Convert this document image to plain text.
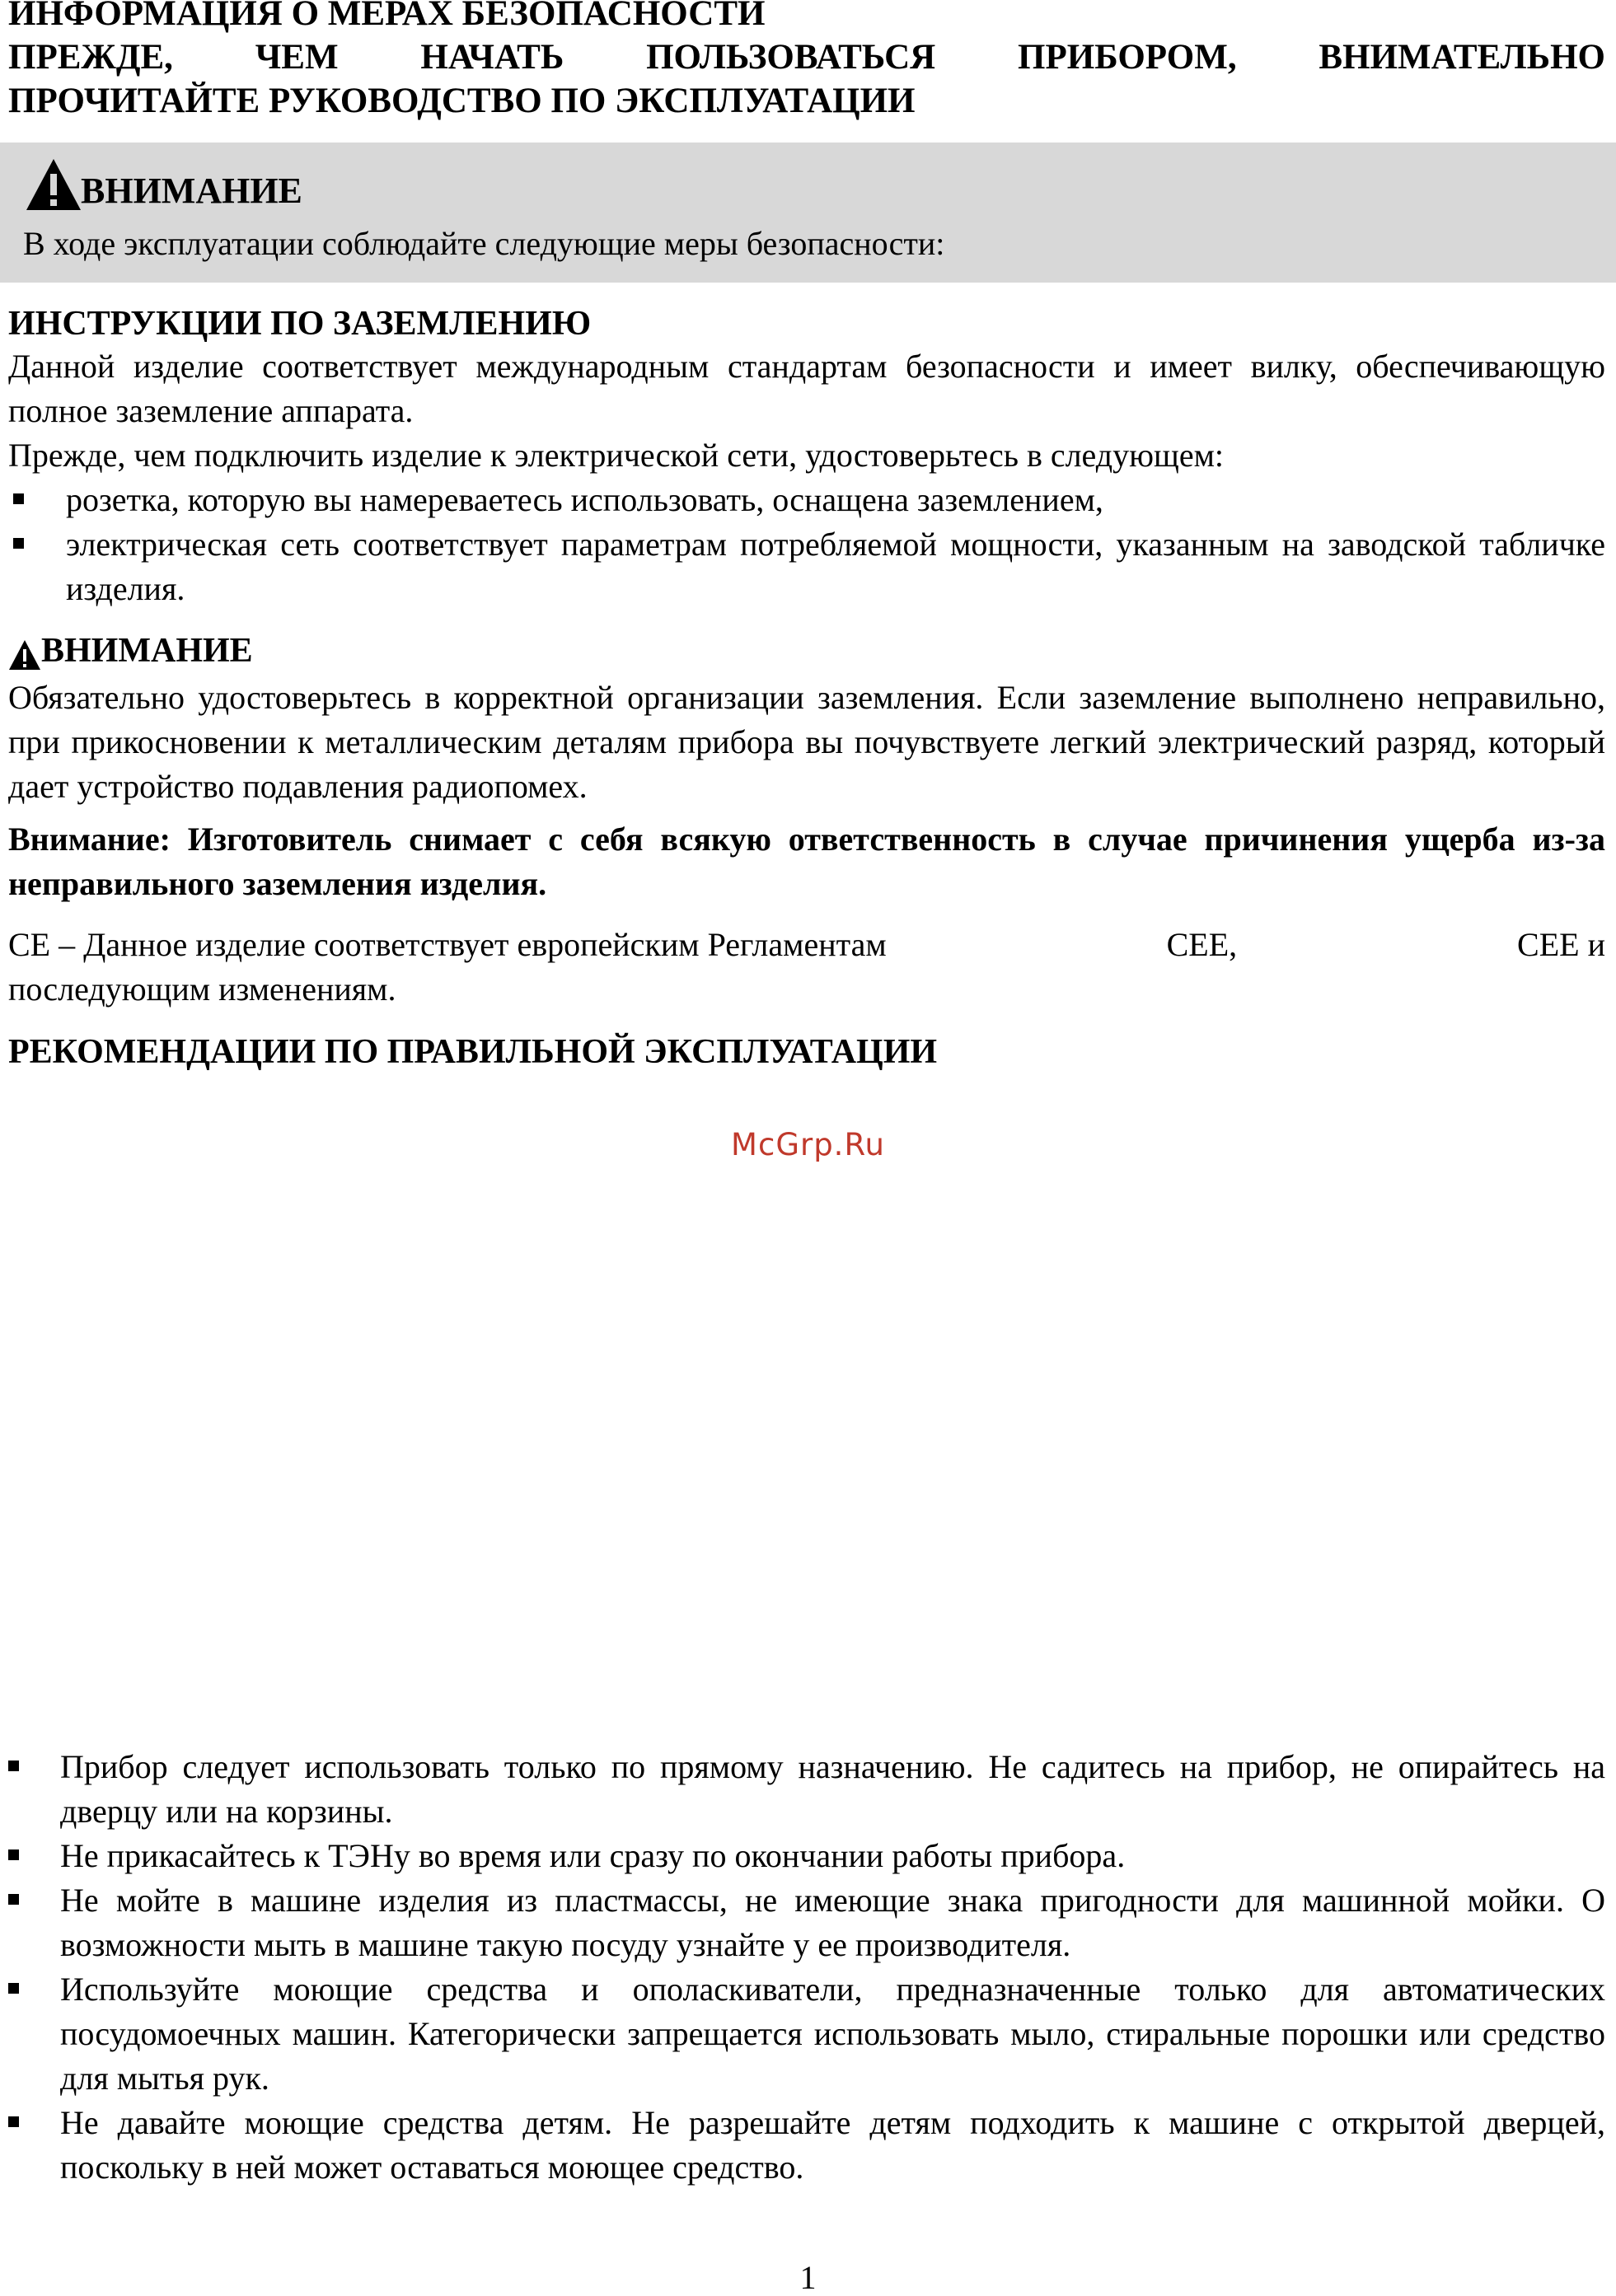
ИНФОРМАЦИЯ О МЕРАХ БЕЗОПАСНОСТИ

ПРЕЖДЕ, ЧЕМ НАЧАТЬ ПОЛЬЗОВАТЬСЯ ПРИБОРОМ, ВНИМАТЕЛЬНО

ПРОЧИТАЙТЕ РУКОВОДСТВО ПО ЭКСПЛУАТАЦИИ

ВНИМАНИЕ
В ходе эксплуатации соблюдайте следующие меры безопасности:

ИНСТРУКЦИИ ПО ЗАЗЕМЛЕНИЮ

Данной изделие соответствует международным стандартам безопасности и имеет вилку, обеспечивающую полное заземление аппарата.

Прежде, чем подключить изделие к электрической сети, удостоверьтесь в следующем:

розетка, которую вы намереваетесь использовать, оснащена заземлением,
электрическая сеть соответствует параметрам потребляемой мощности, указанным на заводской табличке изделия.
ВНИМАНИЕ

Обязательно удостоверьтесь в корректной организации заземления. Если заземление выполнено неправильно, при прикосновении к металлическим деталям прибора вы почувствуете легкий электрический разряд, который дает устройство подавления радиопомех.

Внимание: Изготовитель снимает с себя всякую ответственность в случае причинения ущерба из-за неправильного заземления изделия.

CE – Данное изделие соответствует европейским Регламентам	CEE,	CEE и

последующим изменениям.

РЕКОМЕНДАЦИИ ПО ПРАВИЛЬНОЙ ЭКСПЛУАТАЦИИ

McGrp.Ru
Прибор следует использовать только по прямому назначению. Не садитесь на прибор, не опирайтесь на дверцу или на корзины.
Не прикасайтесь к ТЭНу во время или сразу по окончании работы прибора.
Не мойте в машине изделия из пластмассы, не имеющие знака пригодности для машинной мойки. О возможности мыть в машине такую посуду узнайте у ее производителя.
Используйте моющие средства и ополаскиватели, предназначенные только для автоматических посудомоечных машин. Категорически запрещается использовать мыло, стиральные порошки или средство для мытья рук.
Не давайте моющие средства детям. Не разрешайте детям подходить к машине с открытой дверцей, поскольку в ней может оставаться моющее средство.
1
